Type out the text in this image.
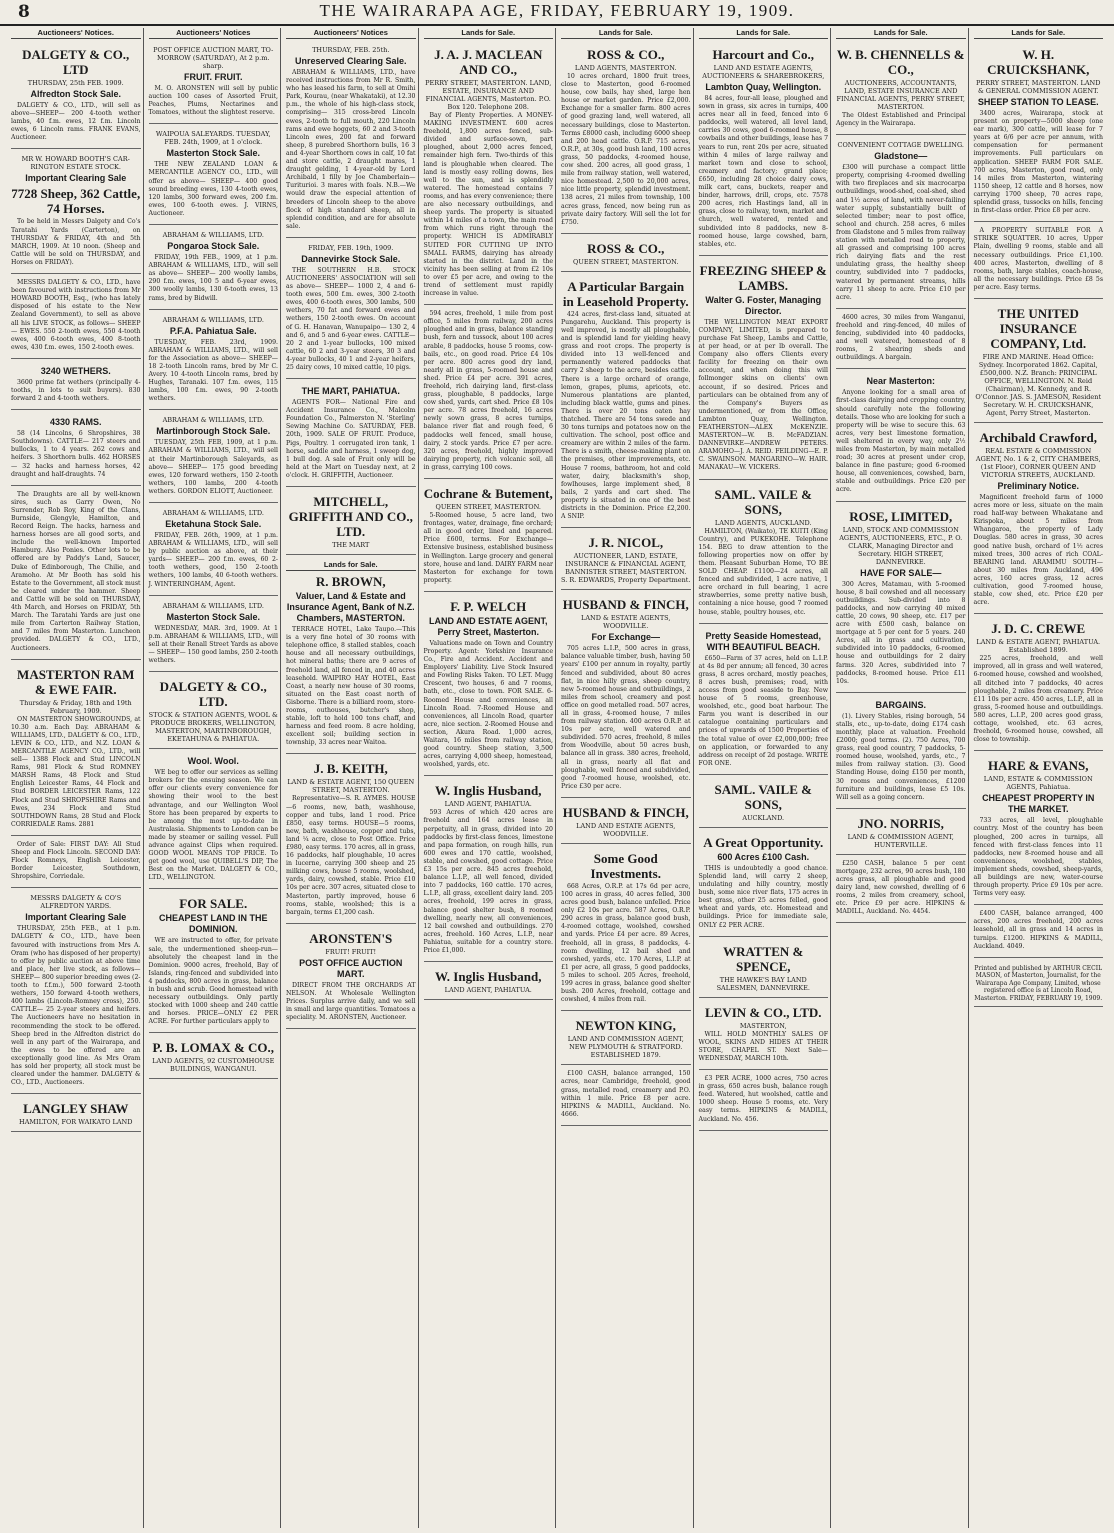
8	THE WAIRARAPA AGE, FRIDAY, FEBRUARY 19, 1909.
Auctioneers' Notices.
DALGETY & CO., LTD
THURSDAY, 25th FEB. 1909.
Alfredton Stock Sale.

DALGETY & CO., LTD., will sell as above—SHEEP— 200 4-tooth wether lambs, 40 f.m. ewes, 12 f.m. Lincoln ewes, 6 Lincoln rams. FRANK EVANS, Auctioneer.

MR W. HOWARD BOOTH'S CAR-RINGTON ESTATE STOCK.
Important Clearing Sale
7728 Sheep, 362 Cattle, 74 Horses.

To be held in Messrs Dalgety and Co's Taratahi Yards (Carterton), on THURSDAY & FRIDAY, 4th and 5th MARCH, 1909. At 10 noon. (Sheep and Cattle will be sold on THURSDAY, and Horses on FRIDAY).

MESSRS DALGETY & CO., LTD., have been favoured with instructions from Mr HOWARD BOOTH, Esq., (who has lately disposed of his estate to the New Zealand Government), to sell as above all his LIVE STOCK, as follows— SHEEP— EWES. 550 2-tooth ewes, 550 4-tooth ewes, 400 6-tooth ewes, 400 8-tooth ewes, 430 f.m. ewes, 150 2-tooth ewes.

3240 WETHERS.

3600 prime fat wethers (principally 4-tooths, in lots to suit buyers). 830 forward 2 and 4-tooth wethers.

4330 RAMS.

58 (14 Lincolns, 6 Shropshires, 38 Southdowns). CATTLE— 217 steers and bullocks, 1 to 4 years. 262 cows and heifers. 3 Shorthorn bulls. 462 HORSES— 32 hacks and harness horses, 42 draught and half-draughts. 74

The Draughts are all by well-known sires, such as Garry Owen, No Surrender, Rob Roy, King of the Clans, Burnside, Glengyle, Hamilton, and Record Reign. The hacks, harness and harness horses are all good sorts, and include the well-known Imported Hamburg. Also Ponies. Other lots to be offered are by Paddy's Land, Saucer, Duke of Edinborough, The Chilie, and Aramoho. At Mr Booth has sold his Estate to the Government, all stock must be cleared under the hammer. Sheep and Cattle will be sold on THURSDAY, 4th March, and Horses on FRIDAY, 5th March. The Taratahi Yards are just one mile from Carterton Railway Station, and 7 miles from Masterton. Luncheon provided. DALGETY & CO., LTD., Auctioneers.

MASTERTON RAM & EWE FAIR.
Thursday & Friday, 18th and 19th February, 1909.

ON MASTERTON SHOWGROUNDS, at 10.30 a.m. Each Day. ABRAHAM & WILLIAMS, LTD., DALGETY & CO., LTD., LEVIN & CO., LTD., and N.Z. LOAN & MERCANTILE AGENCY CO., LTD., will sell— 1388 Flock and Stud LINCOLN Rams, 981 Flock & Stud ROMNEY MARSH Rams, 48 Flock and Stud English Leicester Rams, 44 Flock and Stud BORDER LEICESTER Rams, 122 Flock and Stud SHROPSHIRE Rams and Ewes, 234 Flock and Stud SOUTHDOWN Rams, 28 Stud and Flock CORRIEDALE Rams. 2881

Order of Sale: FIRST DAY: All Stud Sheep and Flock Lincoln. SECOND DAY: Flock Romneys, English Leicester, Border Leicester, Southdown, Shropshire, Corriedale.

MESSRS DALGETY & CO'S ALFREDTON YARDS.
Important Clearing Sale

THURSDAY, 25th FEB., at 1 p.m. DALGETY & CO., LTD., have been favoured with instructions from Mrs A. Oram (who has disposed of her property) to offer by public auction at above time and place, her live stock, as follows— SHEEP— 800 superior breeding ewes (2-tooth to f.f.m.), 500 forward 2-tooth wethers, 150 forward 4-tooth wethers, 400 lambs (Lincoln-Romney cross), 250. CATTLE— 25 2-year steers and heifers. The Auctioneers have no hesitation in recommending the stock to be offered. Sheep bred in the Alfredton district do well in any part of the Wairarapa, and the ewes to be offered are an exceptionally good line. As Mrs Oram has sold her property, all stock must be cleared under the hammer. DALGETY & CO., LTD., Auctioneers.

LANGLEY SHAW
HAMILTON, FOR WAIKATO LAND
Auctioneers' Notices
POST OFFICE AUCTION MART, TO-MORROW (SATURDAY), At 2 p.m. sharp.
FRUIT. FRUIT.

M. O. ARONSTEN will sell by public auction 100 cases of Assorted Fruit, Peaches, Plums, Nectarines and Tomatoes, without the slightest reserve.

WAIPOUA SALEYARDS. TUESDAY, FEB. 24th, 1909, at 1 o'clock.
Masterton Stock Sale.

THE NEW ZEALAND LOAN & MERCANTILE AGENCY CO., LTD., will offer as above— SHEEP— 400 good sound breeding ewes, 130 4-tooth ewes, 120 lambs, 300 forward ewes, 200 f.m. ewes, 100 6-tooth ewes. J. VIRNS, Auctioneer.

ABRAHAM & WILLIAMS, LTD.
Pongaroa Stock Sale.

FRIDAY, 19th FEB., 1909, at 1 p.m. ABRAHAM & WILLIAMS, LTD., will sell as above— SHEEP— 200 woolly lambs, 290 f.m. ewes, 100 5 and 6-year ewes, 300 woolly lambs, 130 6-tooth ewes, 13 rams, bred by Bidwill.

ABRAHAM & WILLIAMS, LTD.
P.F.A. Pahiatua Sale.

TUESDAY, FEB. 23rd, 1909. ABRAHAM & WILLIAMS, LTD., will sell for the Association as above— SHEEP— 18 2-tooth Lincoln rams, bred by Mr C. Avery. 10 4-tooth Lincoln rams, bred by Hughes, Taranaki. 107 f.m. ewes, 115 lambs, 100 f.m. ewes, 90 2-tooth wethers.

ABRAHAM & WILLIAMS, LTD.
Martinborough Stock Sale.

TUESDAY, 25th FEB, 1909, at 1 p.m. ABRAHAM & WILLIAMS, LTD., will sell at their Martinborough Saleyards, as above— SHEEP— 175 good breeding ewes, 120 forward wethers, 150 2-tooth wethers, 100 lambs, 200 4-tooth wethers. GORDON ELIOTT, Auctioneer.

ABRAHAM & WILLIAMS, LTD.
Eketahuna Stock Sale.

FRIDAY, FEB. 26th, 1909, at 1 p.m. ABRAHAM & WILLIAMS, LTD., will sell by public auction as above, at their yards— SHEEP— 200 f.m. ewes, 60 2-tooth wethers, good, 150 2-tooth wethers, 100 lambs, 40 6-tooth wethers. J. WINTERINGHAM, Agent.

ABRAHAM & WILLIAMS, LTD.
Masterton Stock Sale.

WEDNESDAY, MAR. 3rd, 1909. At 1 p.m. ABRAHAM & WILLIAMS, LTD., will sell at their Renall Street Yards as above— SHEEP— 150 good lambs, 250 2-tooth wethers.

DALGETY & CO., LTD.
STOCK & STATION AGENTS, WOOL & PRODUCE BROKERS, WELLINGTON, MASTERTON, MARTINBOROUGH, EKETAHUNA & PAHIATUA.
Wool. Wool.

WE beg to offer our services as selling brokers for the ensuing season. We can offer our clients every convenience for showing their wool to the best advantage, and our Wellington Wool Store has been prepared by experts to be among the most up-to-date in Australasia. Shipments to London can be made by steamer or sailing vessel. Full advance against Clips when required. GOOD WOOL MEANS TOP PRICE. To get good wool, use QUIBELL'S DIP, The Best on the Market. DALGETY & CO., LTD., WELLINGTON.

FOR SALE.
CHEAPEST LAND IN THE DOMINION.

WE are instructed to offer, for private sale, the undermentioned sheep-run—absolutely the cheapest land in the Dominion. 9000 acres, freehold, Bay of Islands, ring-fenced and subdivided into 4 paddocks, 800 acres in grass, balance in bush and scrub. Good homestead with necessary outbuildings. Only partly stocked with 1000 sheep and 240 cattle and horses. PRICE—ONLY £2 PER ACRE. For further particulars apply to

P. B. LOMAX & CO.,
LAND AGENTS, 92 CUSTOMHOUSE BUILDINGS, WANGANUI.
Auctioneers' Notices
THURSDAY, FEB. 25th.
Unreserved Clearing Sale.

ABRAHAM & WILLIAMS, LTD., have received instructions from Mr R. Smith, who has leased his farm, to sell at Omihi Park, Kourau, (near Whakataki), at 12.30 p.m., the whole of his high-class stock, comprising— 315 cross-bred Lincoln ewes, 2-tooth to full mouth, 220 Lincoln rams and ewe hoggets, 60 2 and 3-tooth Lincoln ewes, 200 fat and forward sheep, 8 purebred Shorthorn bulls, 16 3 and 4-year Shorthorn cows in calf, 10 fat and store cattle, 2 draught mares, 1 draught gelding, 1 4-year-old by Lord Archibald, 1 filly by Joe Chamberlain—Turiturioi. 3 mares with foals. N.B.—We would draw the especial attention of breeders of Lincoln sheep to the above flock of high standard sheep, all in splendid condition, and are for absolute sale.

FRIDAY, FEB. 19th, 1909.
Dannevirke Stock Sale.

THE SOUTHERN H.B. STOCK AUCTIONEERS' ASSOCIATION will sell as above— SHEEP— 1000 2, 4 and 6-tooth ewes, 500 f.m. ewes, 300 2-tooth ewes, 400 6-tooth ewes, 300 lambs, 500 wethers, 70 fat and forward ewes and wethers, 150 2-tooth ewes. On account of G. H. Hanavan, Wanupaipo— 130 2, 4 and 6, and 5 and 6-year ewes. CATTLE— 20 2 and 1-year bullocks, 100 mixed cattle, 60 2 and 3-year steers, 30 3 and 4-year bullocks, 40 1 and 2-year heifers, 25 dairy cows, 10 mixed cattle, 10 pigs.

THE MART, PAHIATUA.

AGENTS FOR— National Fire and Accident Insurance Co., Malcolm Foundation Co., Palmerston N. 'Sterling' Sewing Machine Co. SATURDAY, FEB. 20th, 1909. SALE OF FRUIT. Produce, Pigs, Poultry. 1 corrugated iron tank, 1 horse, saddle and harness, 1 sweep dog, 1 bull dog. A sale of Fruit only will be held at the Mart on Tuesday next, at 2 o'clock. H. GRIFFITH, Auctioneer.

MITCHELL, GRIFFITH AND CO., LTD.
THE MART
Lands for Sale.
R. BROWN,
Valuer, Land & Estate and Insurance Agent, Bank of N.Z. Chambers, MASTERTON.

TERRACE HOTEL, Lake Taupo.—This is a very fine hotel of 30 rooms with telephone office, 8 stalled stables, coach house and all necessary outbuildings, hot mineral baths; there are 9 acres of freehold land, all fenced in, and 40 acres leasehold. WAIPIRO HAY HOTEL, East Coast, a nearly new house of 30 rooms, situated on the East coast north of Gisborne. There is a billiard room, store-rooms, outhouses, butcher's shop, stable, loft to hold 100 tons chaff, and harness and feed room. 8 acre holding, excellent soil; building section in township, 33 acres near Waitoa.

J. B. KEITH,
LAND & ESTATE AGENT, 150 QUEEN STREET, MASTERTON.

Representative—S. R. AYMES. HOUSE—6 rooms, new, bath, washhouse, copper and tubs, land 1 rood. Price £850, easy terms. HOUSE—5 rooms, new, bath, washhouse, copper and tubs, land ¼ acre, close to Post Office. Price £980, easy terms. 170 acres, all in grass, 16 paddocks, half ploughable, 10 acres in lucerne, carrying 300 sheep and 25 milking cows, house 5 rooms, woolshed, yards, dairy, cowshed, stable. Price £10 10s per acre. 307 acres, situated close to Masterton, partly improved, house 6 rooms, stable, woolshed; this is a bargain, terms £1,200 cash.

ARONSTEN'S
FRUIT! FRUIT!
POST OFFICE AUCTION MART.

DIRECT FROM THE ORCHARDS AT NELSON. At Wholesale Wellington Prices. Surplus arrive daily, and we sell in small and large quantities. Tomatoes a speciality. M. ARONSTEN, Auctioneer.

Lands for Sale.
J. A. J. MACLEAN AND CO.,
PERRY STREET, MASTERTON. LAND, ESTATE, INSURANCE AND FINANCIAL AGENTS, Masterton. P.O. Box 120. Telephone 208.

Bay of Plenty Properties. A MONEY-MAKING INVESTMENT. 600 acres freehold, 1,800 acres fenced, sub-divided and surface-sown, part ploughed, about 2,000 acres fenced, remainder high fern. Two-thirds of this land is ploughable when cleared. The land is mostly easy rolling downs, lies well to the sun, and is splendidly watered. The homestead contains 7 rooms, and has every convenience; there are also necessary outbuildings, and sheep yards. The property is situated within 14 miles of a town, the main road from which runs right through the property. WHICH IS ADMIRABLY SUITED FOR CUTTING UP INTO SMALL FARMS, dairying has already started in the district. Land in the vicinity has been selling at from £2 10s to over £5 per acre, and owing to the trend of settlement must rapidly increase in value.

594 acres, freehold, 1 mile from post office, 5 miles from railway, 200 acres ploughed and in grass, balance standing bush, fern and tussock, about 100 acres arable, 8 paddocks, house 5 rooms, cow-bails, etc., on good road. Price £4 10s per acre. 800 acres good dry land, nearly all in grass, 5-roomed house and shed. Price £4 per acre. 391 acres, freehold, rich dairying land, first-class grass, ploughable, 8 paddocks, large cow shed, yards, cart shed. Price £8 10s per acre. 78 acres freehold, 16 acres newly sown grass, 8 acres turnips, balance river flat and rough feed, 6 paddocks well fenced, small house, dairy, 2 stock yards. Price £7 per acre. 320 acres, freehold, highly improved dairying property, rich volcanic soil, all in grass, carrying 100 cows.

Cochrane & Butement,
QUEEN STREET, MASTERTON.

5-Roomed house, 5 acre land, two frontages, water, drainage, fine orchard; all in good order, lined and papered. Price £600, terms. For Exchange—Extensive business, established business in Wellington. Large grocery and general store, house and land. DAIRY FARM near Masterton for exchange for town property.

F. P. WELCH
LAND AND ESTATE AGENT, Perry Street, Masterton.

Valuations made on Town and Country Property. Agent: Yorkshire Insurance Co., Fire and Accident. Accident and Employers' Liability. Live Stock Insured and Fowling Risks Taken. TO LET. Mugg Crescent, two houses, 6 and 7 rooms, bath, etc., close to town. FOR SALE. 6-Roomed House and conveniences, all Lincoln Road. 7-Roomed House and conveniences, all Lincoln Road, quarter acre, nice section. 2-Roomed House and section, Akura Road. 1,000 acres, Waitara, 16 miles from railway station, good country. Sheep station, 3,500 acres, carrying 4,000 sheep, homestead, woolshed, yards, etc.

W. Inglis Husband,
LAND AGENT, PAHIATUA.

593 Acres of which 420 acres are freehold and 164 acres lease in perpetuity, all in grass, divided into 20 paddocks by first-class fences, limestone and papa formation, on rough hills, run 600 ewes and 170 cattle, woolshed, stable, and cowshed, good cottage. Price £3 15s per acre. 845 acres freehold, balance L.I.P., all well fenced, divided into 7 paddocks, 160 cattle. 170 acres, L.I.P., all grass, excellent dairy land. 205 acres, freehold, 199 acres in grass, balance good shelter bush, 8 roomed dwelling, nearly new, all conveniences, 12 bail cowshed and outbuildings. 270 acres, freehold. 160 Acres, L.I.P., near Pahiatua, suitable for a country store. Price £1,000.

W. Inglis Husband,
LAND AGENT, PAHIATUA.
Lands for Sale.
ROSS & CO.,
LAND AGENTS, MASTERTON.

10 acres orchard, 1800 fruit trees, close to Masterton, good 6-roomed house, cow bails, hay shed, large hen house or market garden. Price £2,000. Exchange for a smaller farm. 800 acres of good grazing land, well watered, all necessary buildings, close to Masterton. Terms £8000 cash, including 6000 sheep and 200 head cattle. O.R.P. 715 acres, O.R.P., at 30s, good bush land, 100 acres grass, 50 paddocks, 4-roomed house, cow shed. 200 acres, all good grass, 1 mile from railway station, well watered, nice homestead. 2,500 to 20,000 acres, nice little property, splendid investment. 138 acres, 21 miles from township, 100 acres grass, fenced, now being run as private dairy factory. Will sell the lot for £750.

ROSS & CO.,
QUEEN STREET, MASTERTON.
A Particular Bargain in Leasehold Property.

424 acres, first-class land, situated at Pungarehu, Auckland. This property is well improved, is mostly all ploughable, and is splendid land for yielding heavy grass and root crops. The property is divided into 13 well-fenced and permanently watered paddocks that carry 2 sheep to the acre, besides cattle. There is a large orchard of orange, lemon, grapes, plums, apricots, etc. Numerous plantations are planted, including black wattle, gums and pines. There is over 20 tons oaten hay thatched. There are 54 tons swede and 30 tons turnips and potatoes now on the cultivation. The school, post office and creamery are within 2 miles of the farm. There is a smith, cheese-making plant on the premises, other improvements, etc. House 7 rooms, bathroom, hot and cold water, dairy, blacksmith's shop, fowlhouses, large implement shed, 8 bails, 2 yards and cart shed. The property is situated in one of the best districts in the Dominion. Price £2,200. A SNIP.

J. R. NICOL,
AUCTIONEER, LAND, ESTATE, INSURANCE & FINANCIAL AGENT, BANNISTER STREET, MASTERTON. S. R. EDWARDS, Property Department.
HUSBAND & FINCH,
LAND & ESTATE AGENTS, WOODVILLE.
For Exchange—

705 acres L.I.P., 500 acres in grass, balance valuable timber, bush, having 50 years' £100 per annum in royalty, partly fenced and subdivided, about 80 acres flat, in nice hilly grass, sheep country, new 5-roomed house and outbuildings, 2 miles from school, creamery and post office on good metalled road. 507 acres, all in grass, 4-roomed house, 7 miles from railway station. 400 acres O.R.P. at 10s per acre, well watered and subdivided. 570 acres, freehold, 8 miles from Woodville, about 50 acres bush, balance all in grass. 380 acres, freehold, all in grass, nearly all flat and ploughable, well fenced and subdivided, good 7-roomed house, woolshed, etc. Price £30 per acre.

HUSBAND & FINCH,
LAND AND ESTATE AGENTS, WOODVILLE.
Some Good Investments.

668 Acres, O.R.P. at 17s 6d per acre, 100 acres in grass, 40 acres felled, 300 acres good bush, balance unfelled. Price only £2 10s per acre. 587 Acres, O.R.P. 290 acres in grass, balance good bush, 4-roomed cottage, woolshed, cowshed and yards. Price £4 per acre. 89 Acres, freehold, all in grass, 8 paddocks, 4-room dwelling, 12 bail shed and cowshed, yards, etc. 170 Acres, L.I.P. at £1 per acre, all grass, 5 good paddocks, 5 miles to school. 205 Acres, freehold, 199 acres in grass, balance good shelter bush. 200 Acres, freehold, cottage and cowshed, 4 miles from rail.

NEWTON KING,
LAND AND COMMISSION AGENT, NEW PLYMOUTH & STRATFORD. ESTABLISHED 1879.

£100 CASH, balance arranged, 150 acres, near Cambridge, freehold, good grass, metalled road, creamery and P.O. within 1 mile. Price £8 per acre. HIPKINS & MADILL, Auckland. No. 4666.

Lands for Sale.
Harcourt and Co.,
LAND AND ESTATE AGENTS, AUCTIONEERS & SHAREBROKERS,
Lambton Quay, Wellington.

84 acres, four-all lease, ploughed and sown in grass, six acres in turnips, 400 acres near all in feed, fenced into 6 paddocks, well watered, all level land, carries 30 cows, good 6-roomed house, 8 cowbails and other buildings, lease has 7 years to run, rent 20s per acre, situated within 4 miles of large railway and market town and close to school, creamery and factory; grand place; £650, including 28 choice dairy cows, milk cart, cans, buckets, reaper and binder, harrows, drill, crops, etc. 7578 200 acres, rich Hastings land, all in grass, close to railway, town, market and church, well watered, rented and subdivided into 8 paddocks, new 8-roomed house, large cowshed, barn, stables, etc.

FREEZING SHEEP & LAMBS.
Walter G. Foster, Managing Director.

THE WELLINGTON MEAT EXPORT COMPANY, LIMITED, is prepared to purchase Fat Sheep, Lambs and Cattle, at per head, or at per lb overall. The Company also offers Clients every facility for freezing on their own account, and when doing this will follmonger skins on clients' own account, if so desired. Prices and particulars can be obtained from any of the Company's Buyers as undermentioned, or from the Office, Lambton Quay, Wellington. FEATHERSTON—ALEX McKENZIE. MASTERTON—W. B. McFADZIAN. DANNEVIRKE—ANDREW PETERS. ARAMOHO—J. A. REID. FEILDING—E. P. C. SWAINSON. MANGARINO—W. HAIR. MANAKAU—W. VICKERS.

SAML. VAILE & SONS,
LAND AGENTS, AUCKLAND.

HAMILTON, (Waikato), TE KUITI (King Country), and PUKEKOHE. Telephone 154. BEG to draw attention to the following properties now on offer by them. Pleasant Suburban Home, TO BE SOLD CHEAP. £1100—24 acres, all fenced and subdivided, 1 acre native, 1 acre orchard in full bearing, 1 acre strawberries, some pretty native bush, containing a nice house, good 7 roomed house, stable, poultry houses, etc.

Pretty Seaside Homestead, WITH BEAUTIFUL BEACH.

£650—Farm of 37 acres, held on L.I.P. at 4s 8d per annum; all fenced, 30 acres grass, 8 acres orchard, mostly peaches, 8 acres bush, premises; road, with access from good seaside to Bay. New house of 5 rooms, greenhouse, woolshed, etc., good boat harbour. The Farm you want is described in our catalogue containing particulars and prices of upwards of 1500 Properties of the total value of over £2,000,000; free on application, or forwarded to any address on receipt of 2d postage. WRITE FOR ONE.

SAML. VAILE & SONS,
AUCKLAND.
A Great Opportunity.
600 Acres £100 Cash.

THIS is undoubtedly a good chance. Splendid land, will carry 2 sheep, undulating and hilly country, mostly bush, some nice river flats, 175 acres in best grass, other 25 acres felled, good wheat and yards, etc. Homestead and buildings. Price for immediate sale, ONLY £2 PER ACRE.

WRATTEN & SPENCE,
THE HAWKE'S BAY LAND SALESMEN, DANNEVIRKE.
LEVIN & CO., LTD.
MASTERTON,

WILL HOLD MONTHLY SALES OF WOOL, SKINS AND HIDES AT THEIR STORE, CHAPEL ST. Next Sale— WEDNESDAY, MARCH 10th.

£3 PER ACRE, 1000 acres, 750 acres in grass, 650 acres bush, balance rough feed. Watered, hut woolshed, cattle and 1000 sheep. House 5 rooms, etc. Very easy terms. HIPKINS & MADILL, Auckland. No. 456.

Lands for Sale.
W. B. CHENNELLS & CO.,
AUCTIONEERS, ACCOUNTANTS, LAND, ESTATE INSURANCE AND FINANCIAL AGENTS, PERRY STREET, MASTERTON.

The Oldest Established and Principal Agency in the Wairarapa.

CONVENIENT COTTAGE DWELLING.
Gladstone—

£300 will purchase a compact little property, comprising 4-roomed dwelling with two fireplaces and six macrocarpa outbuildings, wood-shed, coal-shed, shed and 1½ acres of land, with never-failing water supply, substantially built of selected timber; near to post office, school and church. 258 acres, 6 miles from Gladstone and 5 miles from railway station with metalled road to property, all grassed and comprising 100 acres rich dairying flats and the rest undulating grass, the healthy sheep country, subdivided into 7 paddocks, watered by permanent streams, hills carry 11 sheep to acre. Price £10 per acre.

4600 acres, 30 miles from Wanganui, freehold and ring-fenced, 40 miles of fencing, subdivided into 40 paddocks, and well watered, homestead of 8 rooms, 2 shearing sheds and outbuildings. A bargain.

Near Masterton:

Anyone looking for a small area of first-class dairying and cropping country, should carefully note the following details. Those who are looking for such a property will be wise to secure this. 63 acres, very best limestone formation, well sheltered in every way, only 2½ miles from Masterton, by main metalled road; 30 acres at present under crop, balance in fine pasture; good 6-roomed house, all conveniences, cowshed, barn, stable and outbuildings. Price £20 per acre.

ROSE, LIMITED,
LAND, STOCK AND COMMISSION AGENTS, AUCTIONEERS, ETC., P. O. CLARK, Managing Director and Secretary. HIGH STREET, DANNEVIRKE.
HAVE FOR SALE—

300 Acres, Matamau, with 5-roomed house, 8 bail cowshed and all necessary outbuildings. Sub-divided into 8 paddocks, and now carrying 40 mixed cattle, 20 cows, 90 sheep, etc. £17 per acre with £500 cash, balance on mortgage at 5 per cent for 5 years. 240 Acres, all in grass and cultivation, subdivided into 10 paddocks, 6-roomed house and outbuildings for 2 dairy farms. 320 Acres, subdivided into 7 paddocks, 8-roomed house. Price £11 10s.

BARGAINS.

(1). Livery Stables, rising borough, 54 stalls, etc., up-to-date, doing £174 cash monthly, place at valuation. Freehold £2000; good terms. (2). 750 Acres, 700 grass, real good country, 7 paddocks, 5-roomed house, woolshed, yards, etc., 7 miles from railway station. (3). Good Standing House, doing £150 per month, 30 rooms and conveniences, £1200 furniture and buildings, lease £5 10s. Will sell as a going concern.

JNO. NORRIS,
LAND & COMMISSION AGENT, HUNTERVILLE.

£250 CASH, balance 5 per cent mortgage, 232 acres, 90 acres bush, 180 acres grass, all ploughable and good dairy land, new cowshed, dwelling of 6 rooms, 2 miles from creamery, school, etc. Price £9 per acre. HIPKINS & MADILL, Auckland. No. 4454.

Lands for Sale.
W. H. CRUICKSHANK,
PERRY STREET, MASTERTON. LAND & GENERAL COMMISSION AGENT.
SHEEP STATION TO LEASE.

3400 acres, Wairarapa, stock at present on property—5000 sheep (one ear mark), 300 cattle, will lease for 7 years at 6/6 per acre per annum, with compensation for permanent improvements. Full particulars on application. SHEEP FARM FOR SALE. 700 acres, Masterton, good road, only 14 miles from Masterton, wintering 1150 sheep, 12 cattle and 8 horses, now carrying 1700 sheep, 70 acres rape, splendid grass, tussocks on hills, fencing in first-class order. Price £8 per acre.

A PROPERTY SUITABLE FOR A STRIKE SQUATTER. 10 acres, Upper Plain, dwelling 9 rooms, stable and all necessary outbuildings. Price £1,100. 400 acres, Masterton, dwelling of 8 rooms, bath, large stables, coach-house, all the necessary buildings. Price £8 5s per acre. Easy terms.

THE UNITED INSURANCE COMPANY, Ltd.
FIRE AND MARINE. Head Office: Sydney. Incorporated 1862. Capital, £500,000. N.Z. Branch: PRINCIPAL OFFICE, WELLINGTON. N. Reid (Chairman), M. Kennedy, and R. O'Connor. JAS. S. JAMESON, Resident Secretary. W. H. CRUICKSHANK, Agent, Perry Street, Masterton.
Archibald Crawford,
REAL ESTATE & COMMISSION AGENT, No. 1 & 2, CITY CHAMBERS, (1st Floor), CORNER QUEEN AND VICTORIA STREETS, AUCKLAND.
Preliminary Notice.

Magnificent freehold farm of 1000 acres more or less, situate on the main road half-way between Whakatane and Kirispoka, about 5 miles from Whangaroa, the property of Lady Douglas. 580 acres in grass, 30 acres good native bush, orchard of 1½ acres mixed trees, 300 acres of rich COAL-BEARING land. ARAMIMU SOUTH—about 30 miles from Auckland, 496 acres, 160 acres grass, 12 acres cultivation, good 7-roomed house, stable, cow shed, etc. Price £20 per acre.

J. D. C. CREWE
LAND & ESTATE AGENT, PAHIATUA. Established 1899.

225 acres, freehold, and well improved, all in grass and well watered, 6-roomed house, cowshed and woolshed, all ditched into 7 paddocks, 40 acres ploughable, 2 miles from creamery. Price £11 10s per acre. 450 acres, L.I.P., all in grass, 5-roomed house and outbuildings. 580 acres, L.I.P., 200 acres good grass, cottage, woolshed, etc. 63 acres, freehold, 6-roomed house, cowshed, all close to township.

HARE & EVANS,
LAND, ESTATE & COMMISSION AGENTS, Pahiatua.
CHEAPEST PROPERTY IN THE MARKET.

733 acres, all level, ploughable country. Most of the country has been ploughed, 200 acres in turnips, all fenced with first-class fences into 11 paddocks, new 8-roomed house and all conveniences, woolshed, stables, implement sheds, cowshed, sheep-yards, all buildings are new, water-course through property. Price £9 10s per acre. Terms very easy.

£400 CASH, balance arranged, 400 acres, 200 acres freehold, 200 acres leasehold, all in grass and 14 acres in turnips. £1200. HIPKINS & MADILL, Auckland. 4049.

Printed and published by ARTHUR CECIL MASON, of Masterton, Journalist, for the Wairarapa Age Company, Limited, whose registered office is at Lincoln Road, Masterton. FRIDAY, FEBRUARY 19, 1909.
